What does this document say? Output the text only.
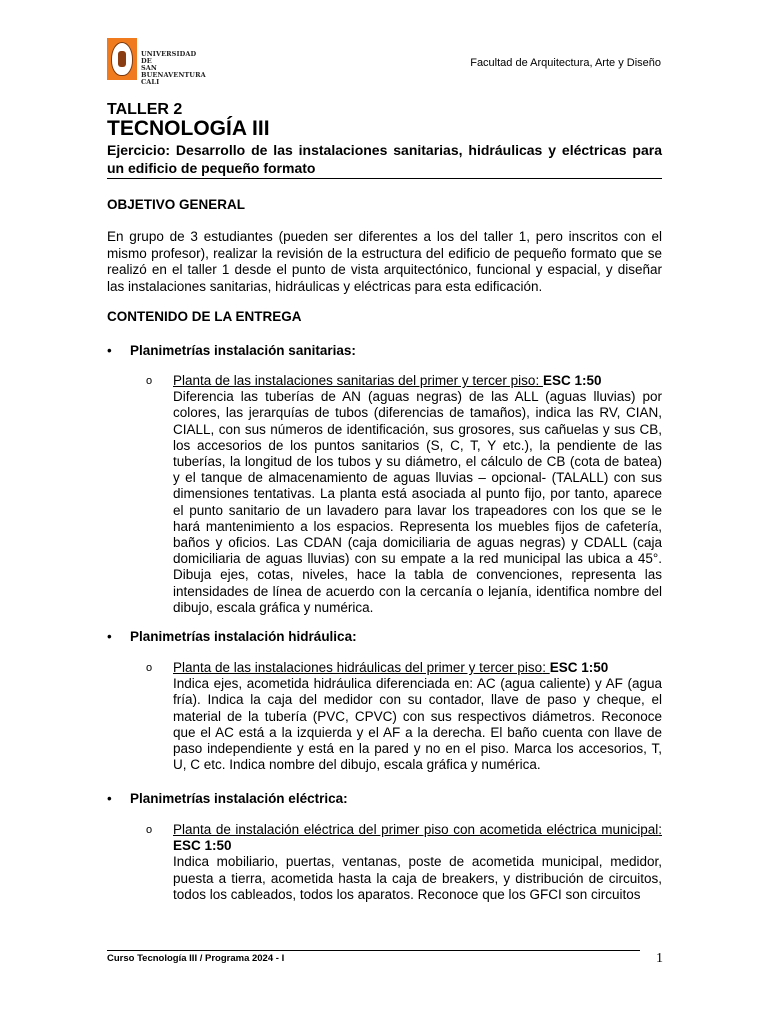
UNIVERSIDAD DE
SAN BUENAVENTURA
CALI
Facultad de Arquitectura, Arte y Diseño
TALLER 2
TECNOLOGÍA III
Ejercicio: Desarrollo de las instalaciones sanitarias, hidráulicas y eléctricas para un edificio de pequeño formato
OBJETIVO GENERAL
En grupo de 3 estudiantes (pueden ser diferentes a los del taller 1, pero inscritos con el mismo profesor), realizar la revisión de la estructura del edificio de pequeño formato que se realizó en el taller 1 desde el punto de vista arquitectónico, funcional y espacial, y diseñar las instalaciones sanitarias, hidráulicas y eléctricas para esta edificación.
CONTENIDO DE LA ENTREGA
• Planimetrías instalación sanitarias:
o Planta de las instalaciones sanitarias del primer y tercer piso: ESC 1:50
Diferencia las tuberías de AN (aguas negras) de las ALL (aguas lluvias) por colores, las jerarquías de tubos (diferencias de tamaños), indica las RV, CIAN, CIALL, con sus números de identificación, sus grosores, sus cañuelas y sus CB, los accesorios de los puntos sanitarios (S, C, T, Y etc.), la pendiente de las tuberías, la longitud de los tubos y su diámetro, el cálculo de CB (cota de batea) y el tanque de almacenamiento de aguas lluvias – opcional- (TALALL) con sus dimensiones tentativas. La planta está asociada al punto fijo, por tanto, aparece el punto sanitario de un lavadero para lavar los trapeadores con los que se le hará mantenimiento a los espacios. Representa los muebles fijos de cafetería, baños y oficios. Las CDAN (caja domiciliaria de aguas negras) y CDALL (caja domiciliaria de aguas lluvias) con su empate a la red municipal las ubica a 45°. Dibuja ejes, cotas, niveles, hace la tabla de convenciones, representa las intensidades de línea de acuerdo con la cercanía o lejanía, identifica nombre del dibujo, escala gráfica y numérica.
• Planimetrías instalación hidráulica:
o Planta de las instalaciones hidráulicas del primer y tercer piso: ESC 1:50
Indica ejes, acometida hidráulica diferenciada en: AC (agua caliente) y AF (agua fría). Indica la caja del medidor con su contador, llave de paso y cheque, el material de la tubería (PVC, CPVC) con sus respectivos diámetros. Reconoce que el AC está a la izquierda y el AF a la derecha. El baño cuenta con llave de paso independiente y está en la pared y no en el piso. Marca los accesorios, T, U, C etc. Indica nombre del dibujo, escala gráfica y numérica.
• Planimetrías instalación eléctrica:
o Planta de instalación eléctrica del primer piso con acometida eléctrica municipal: ESC 1:50
Indica mobiliario, puertas, ventanas, poste de acometida municipal, medidor, puesta a tierra, acometida hasta la caja de breakers, y distribución de circuitos, todos los cableados, todos los aparatos. Reconoce que los GFCI son circuitos
Curso Tecnología III / Programa 2024 - I	1
